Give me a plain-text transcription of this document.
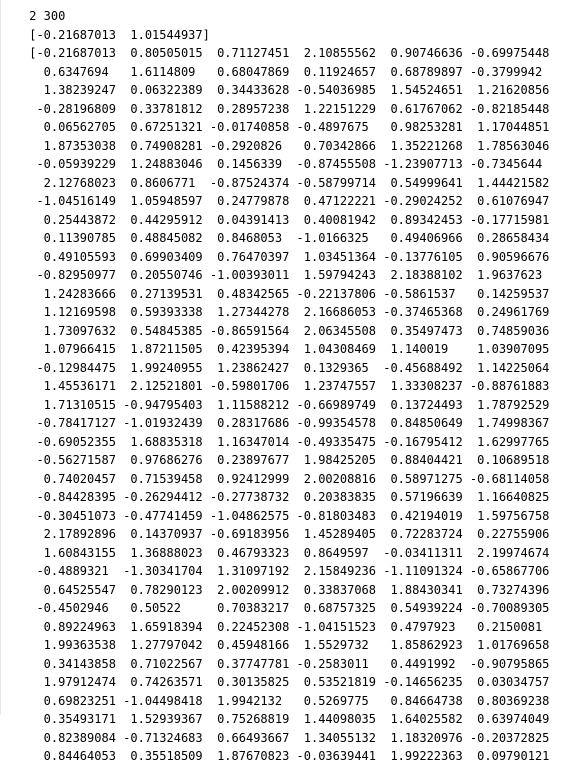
2 300
[-0.21687013  1.01544937]
[-0.21687013  0.80505015  0.71127451  2.10855562  0.90746636 -0.69975448
0.6347694   1.6114809   0.68047869  0.11924657  0.68789897 -0.3799942
1.38239247  0.06322389  0.34433628 -0.54036985  1.54524651  1.21620856
-0.28196809  0.33781812  0.28957238  1.22151229  0.61767062 -0.82185448
0.06562705  0.67251321 -0.01740858 -0.4897675   0.98253281  1.17044851
1.87353038  0.74908281 -0.2920826   0.70342866  1.35221268  1.78563046
-0.05939229  1.24883046  0.1456339  -0.87455508 -1.23907713 -0.7345644
2.12768023  0.8606771  -0.87524374 -0.58799714  0.54999641  1.44421582
-1.04516149  1.05948597  0.24779878  0.47122221 -0.29024252  0.61076947
0.25443872  0.44295912  0.04391413  0.40081942  0.89342453 -0.17715981
0.11390785  0.48845082  0.8468053  -1.0166325   0.49406966  0.28658434
0.49105593  0.69903409  0.76470397  1.03451364 -0.13776105  0.90596676
-0.82950977  0.20550746 -1.00393011  1.59794243  2.18388102  1.9637623
1.24283666  0.27139531  0.48342565 -0.22137806 -0.5861537   0.14259537
1.12169598  0.59393338  1.27344278  2.16686053 -0.37465368  0.24961769
1.73097632  0.54845385 -0.86591564  2.06345508  0.35497473  0.74859036
1.07966415  1.87211505  0.42395394  1.04308469  1.140019    1.03907095
-0.12984475  1.99240955  1.23862427  0.1329365  -0.45688492  1.14225064
1.45536171  2.12521801 -0.59801706  1.23747557  1.33308237 -0.88761883
1.71310515 -0.94795403  1.11588212 -0.66989749  0.13724493  1.78792529
-0.78417127 -1.01932439  0.28317686 -0.99354578  0.84850649  1.74998367
-0.69052355  1.68835318  1.16347014 -0.49335475 -0.16795412  1.62997765
-0.56271587  0.97686276  0.23897677  1.98425205  0.88404421  0.10689518
0.74020457  0.71539458  0.92412999  2.00208816  0.58971275 -0.68114058
-0.84428395 -0.26294412 -0.27738732  0.20383835  0.57196639  1.16640825
-0.30451073 -0.47741459 -1.04862575 -0.81803483  0.42194019  1.59756758
2.17892896  0.14370937 -0.69183956  1.45289405  0.72283724  0.22755906
1.60843155  1.36888023  0.46793323  0.8649597  -0.03411311  2.19974674
-0.4889321  -1.30341704  1.31097192  2.15849236 -1.11091324 -0.65867706
0.64525547  0.78290123  2.00209912  0.33837068  1.88430341  0.73274396
-0.4502946   0.50522     0.70383217  0.68757325  0.54939224 -0.70089305
0.89224963  1.65918394  0.22452308 -1.04151523  0.4797923   0.2150081
1.99363538  1.27797042  0.45948166  1.5529732   1.85862923  1.01769658
0.34143858  0.71022567  0.37747781 -0.2583011   0.4491992  -0.90795865
1.97912474  0.74263571  0.30135825  0.53521819 -0.14656235  0.03034757
0.69823251 -1.04498418  1.9942132   0.5269775   0.84664738  0.80369238
0.35493171  1.52939367  0.75268819  1.44098035  1.64025582  0.63974049
0.82389084 -0.71324683  0.66493667  1.34055132  1.18320976 -0.20372825
0.84464053  0.35518509  1.87670823 -0.03639441  1.99222363  0.09790121
